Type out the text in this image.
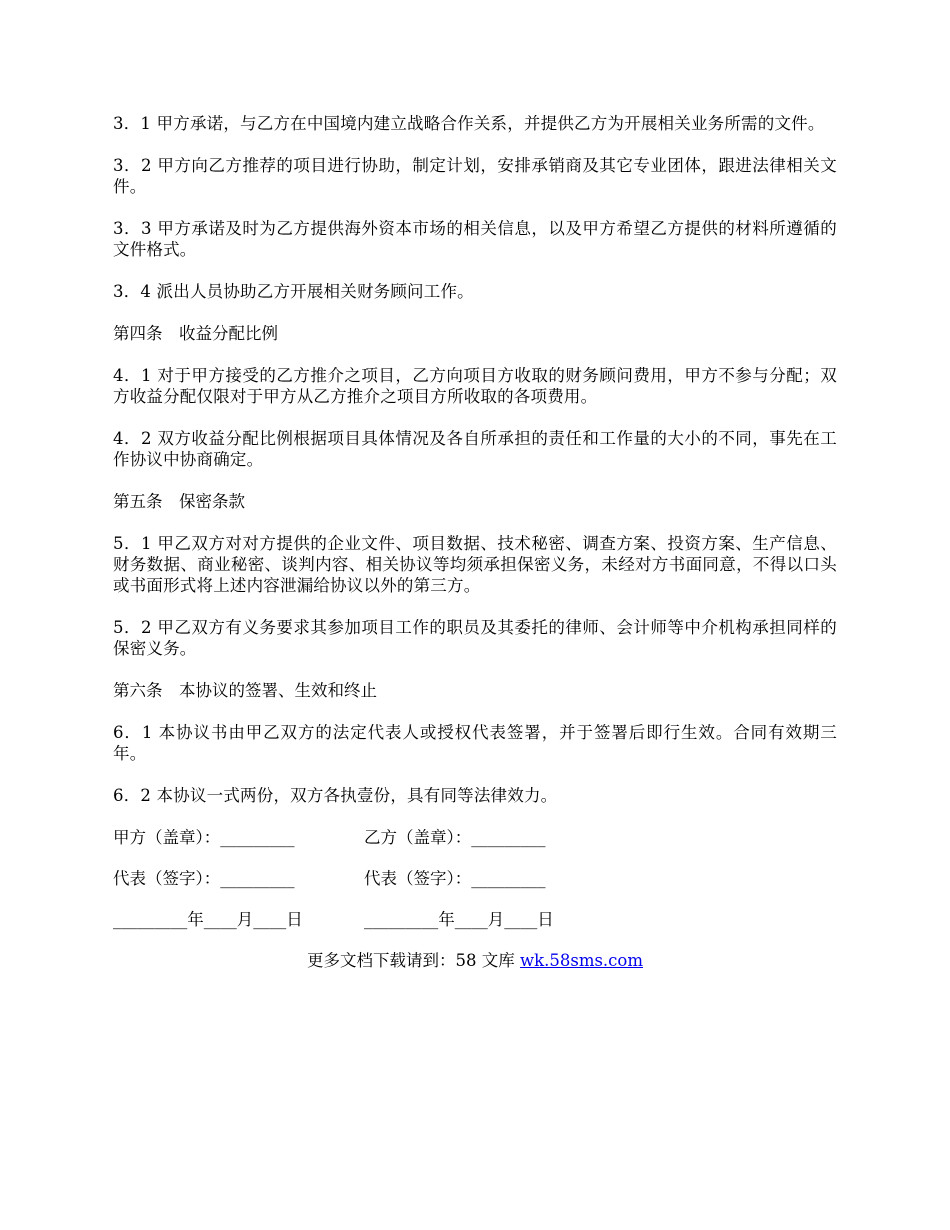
3．1 甲方承诺，与乙方在中国境内建立战略合作关系，并提供乙方为开展相关业务所需的文件。

3．2 甲方向乙方推荐的项目进行协助，制定计划，安排承销商及其它专业团体，跟进法律相关文件。

3．3 甲方承诺及时为乙方提供海外资本市场的相关信息，以及甲方希望乙方提供的材料所遵循的文件格式。

3．4 派出人员协助乙方开展相关财务顾问工作。

第四条　收益分配比例

4．1 对于甲方接受的乙方推介之项目，乙方向项目方收取的财务顾问费用，甲方不参与分配；双方收益分配仅限对于甲方从乙方推介之项目方所收取的各项费用。

4．2 双方收益分配比例根据项目具体情况及各自所承担的责任和工作量的大小的不同，事先在工作协议中协商确定。

第五条　保密条款

5．1 甲乙双方对对方提供的企业文件、项目数据、技术秘密、调查方案、投资方案、生产信息、财务数据、商业秘密、谈判内容、相关协议等均须承担保密义务，未经对方书面同意，不得以口头或书面形式将上述内容泄漏给协议以外的第三方。

5．2 甲乙双方有义务要求其参加项目工作的职员及其委托的律师、会计师等中介机构承担同样的保密义务。

第六条　本协议的签署、生效和终止

6．1 本协议书由甲乙双方的法定代表人或授权代表签署，并于签署后即行生效。合同有效期三年。

6．2 本协议一式两份，双方各执壹份，具有同等法律效力。

甲方（盖章）：_________	乙方（盖章）：_________
代表（签字）：_________	代表（签字）：_________
_________年____月____日	_________年____月____日
更多文档下载请到：58 文库 wk.58sms.com
